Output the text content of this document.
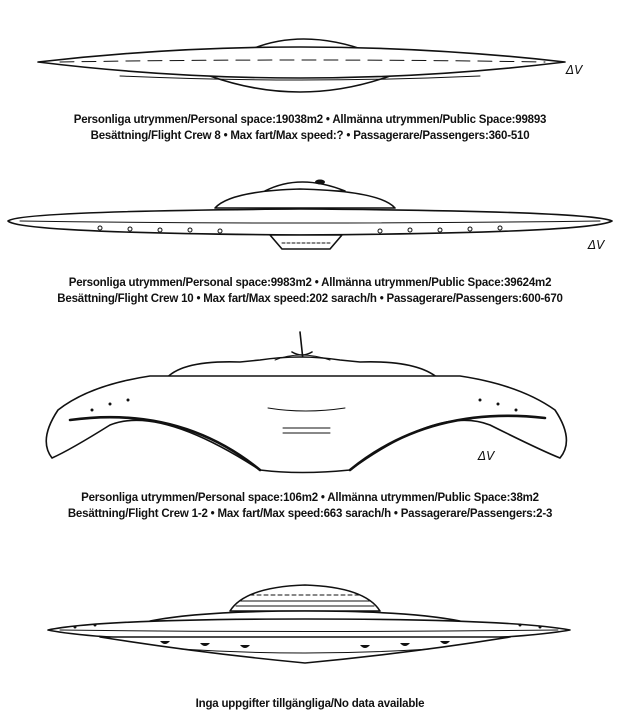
ΔV
Personliga utrymmen/Personal space:19038m2 • Allmänna utrymmen/Public Space:99893
Besättning/Flight Crew 8 • Max fart/Max speed:? • Passagerare/Passengers:360-510
ΔV
Personliga utrymmen/Personal space:9983m2 • Allmänna utrymmen/Public Space:39624m2
Besättning/Flight Crew 10 • Max fart/Max speed:202 sarach/h • Passagerare/Passengers:600-670
ΔV
Personliga utrymmen/Personal space:106m2 • Allmänna utrymmen/Public Space:38m2
Besättning/Flight Crew 1-2 • Max fart/Max speed:663 sarach/h • Passagerare/Passengers:2-3
Inga uppgifter tillgängliga/No data available
